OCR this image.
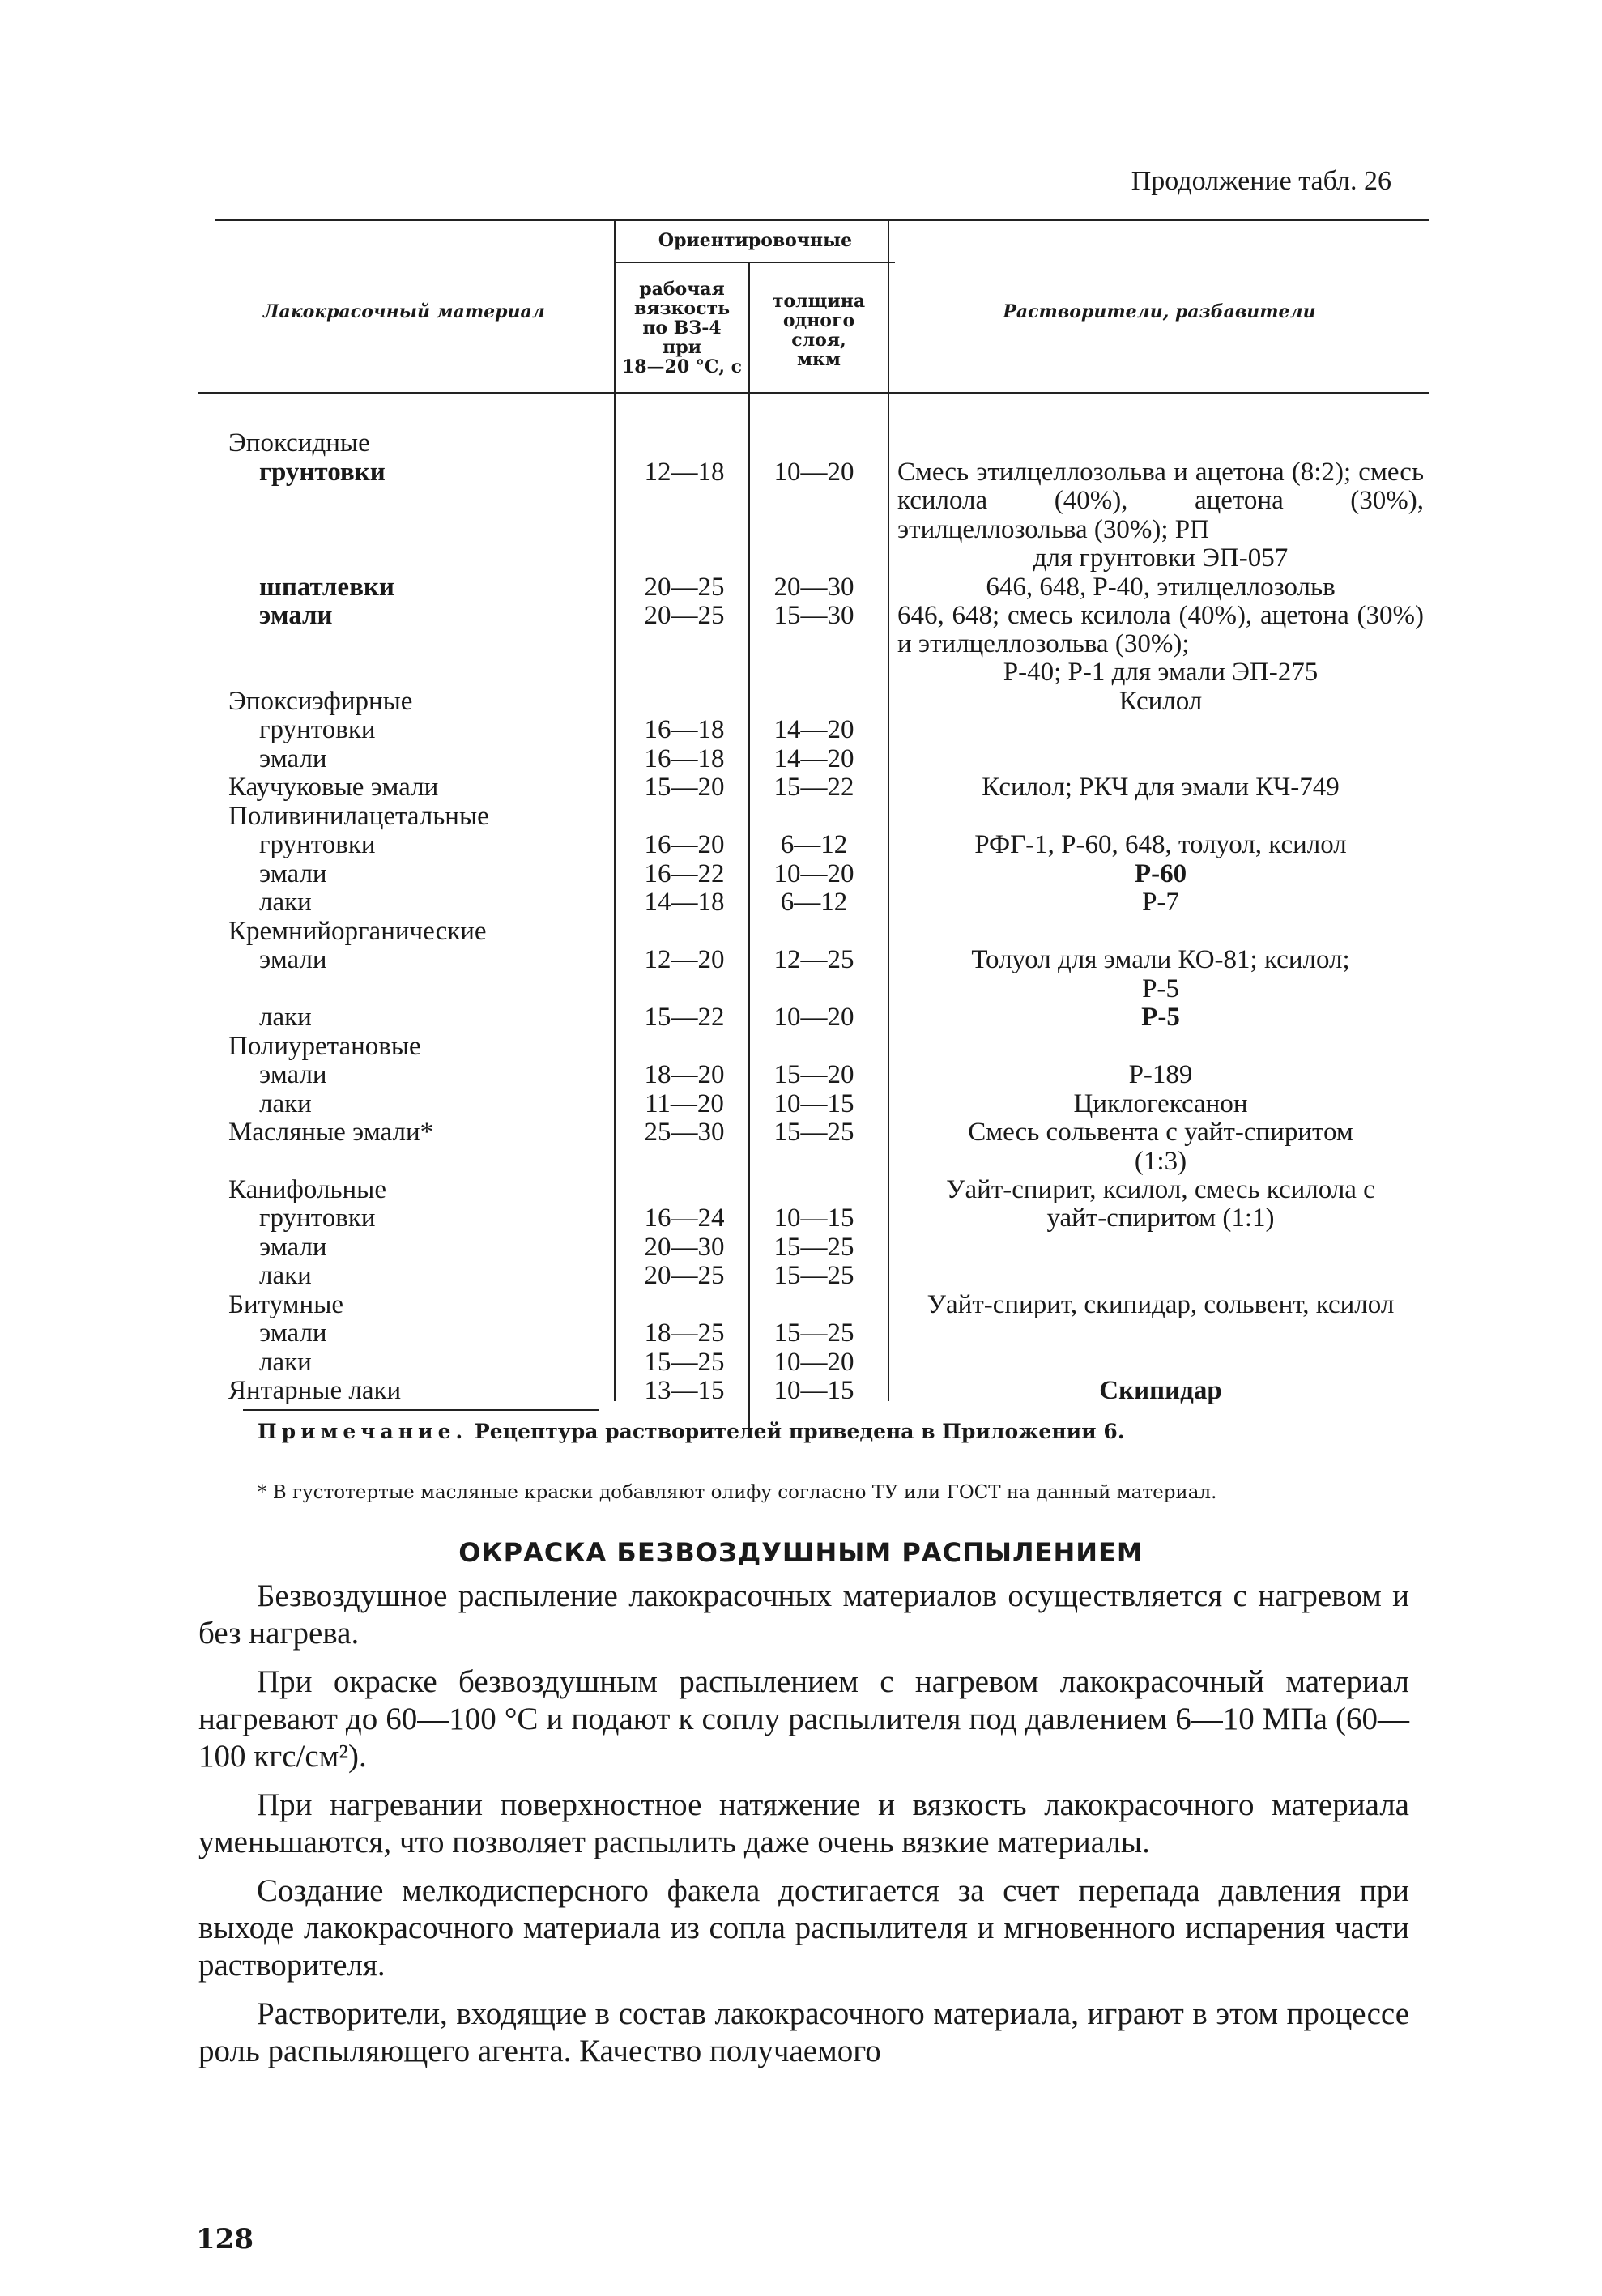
Продолжение табл. 26
Лакокрасочный материал
Ориентировочные
рабочая
вязкость
по ВЗ-4
при
18—20 °С, с
толщина
одного
слоя,
мкм
Растворители, разбавители
Эпоксидные
грунтовки
шпатлевки
эмали
Эпоксиэфирные
грунтовки
эмали
Каучуковые эмали
Поливинилацетальные
грунтовки
эмали
лаки
Кремнийорганические
эмали
лаки
Полиуретановые
эмали
лаки
Масляные эмали*
Канифольные
грунтовки
эмали
лаки
Битумные
эмали
лаки
Янтарные лаки
12—18
20—25
20—25
16—18
16—18
15—20
16—20
16—22
14—18
12—20
15—22
18—20
11—20
25—30
16—24
20—30
20—25
18—25
15—25
13—15
10—20
20—30
15—30
14—20
14—20
15—22
6—12
10—20
6—12
12—25
10—20
15—20
10—15
15—25
10—15
15—25
15—25
15—25
10—20
10—15
Смесь этилцеллозольва и ацетона (8:2); смесь ксилола (40%), ацетона (30%), этилцеллозольва (30%); РП
для грунтовки ЭП-057
646, 648, Р-40, этилцеллозольв
646, 648; смесь ксилола (40%), ацетона (30%) и этилцеллозольва (30%);
Р-40; Р-1 для эмали ЭП-275
Ксилол
Ксилол; РКЧ для эмали КЧ-749
РФГ-1, Р-60, 648, толуол, ксилол
Р-60
Р-7
Толуол для эмали КО-81; ксилол;
Р-5
Р-5
Р-189
Циклогексанон
Смесь сольвента с уайт-спиритом
(1:3)
Уайт-спирит, ксилол, смесь ксилола с
уайт-спиритом (1:1)
Уайт-спирит, скипидар, сольвент, ксилол
Скипидар
Примечание. Рецептура растворителей приведена в Приложении 6.
* В густотертые масляные краски добавляют олифу согласно ТУ или ГОСТ на данный материал.
ОКРАСКА БЕЗВОЗДУШНЫМ РАСПЫЛЕНИЕМ

Безвоздушное распыление лакокрасочных материалов осуществляется с нагревом и без нагрева.

При окраске безвоздушным распылением с нагревом лакокрасочный материал нагревают до 60—100 °С и подают к соплу распылителя под давлением 6—10 МПа (60—100 кгс/см²).

При нагревании поверхностное натяжение и вязкость лакокрасочного материала уменьшаются, что позволяет распылить даже очень вязкие материалы.

Создание мелкодисперсного факела достигается за счет перепада давления при выходе лакокрасочного материала из сопла распылителя и мгновенного испарения части растворителя.

Растворители, входящие в состав лакокрасочного материала, играют в этом процессе роль распыляющего агента. Качество получаемого

128
